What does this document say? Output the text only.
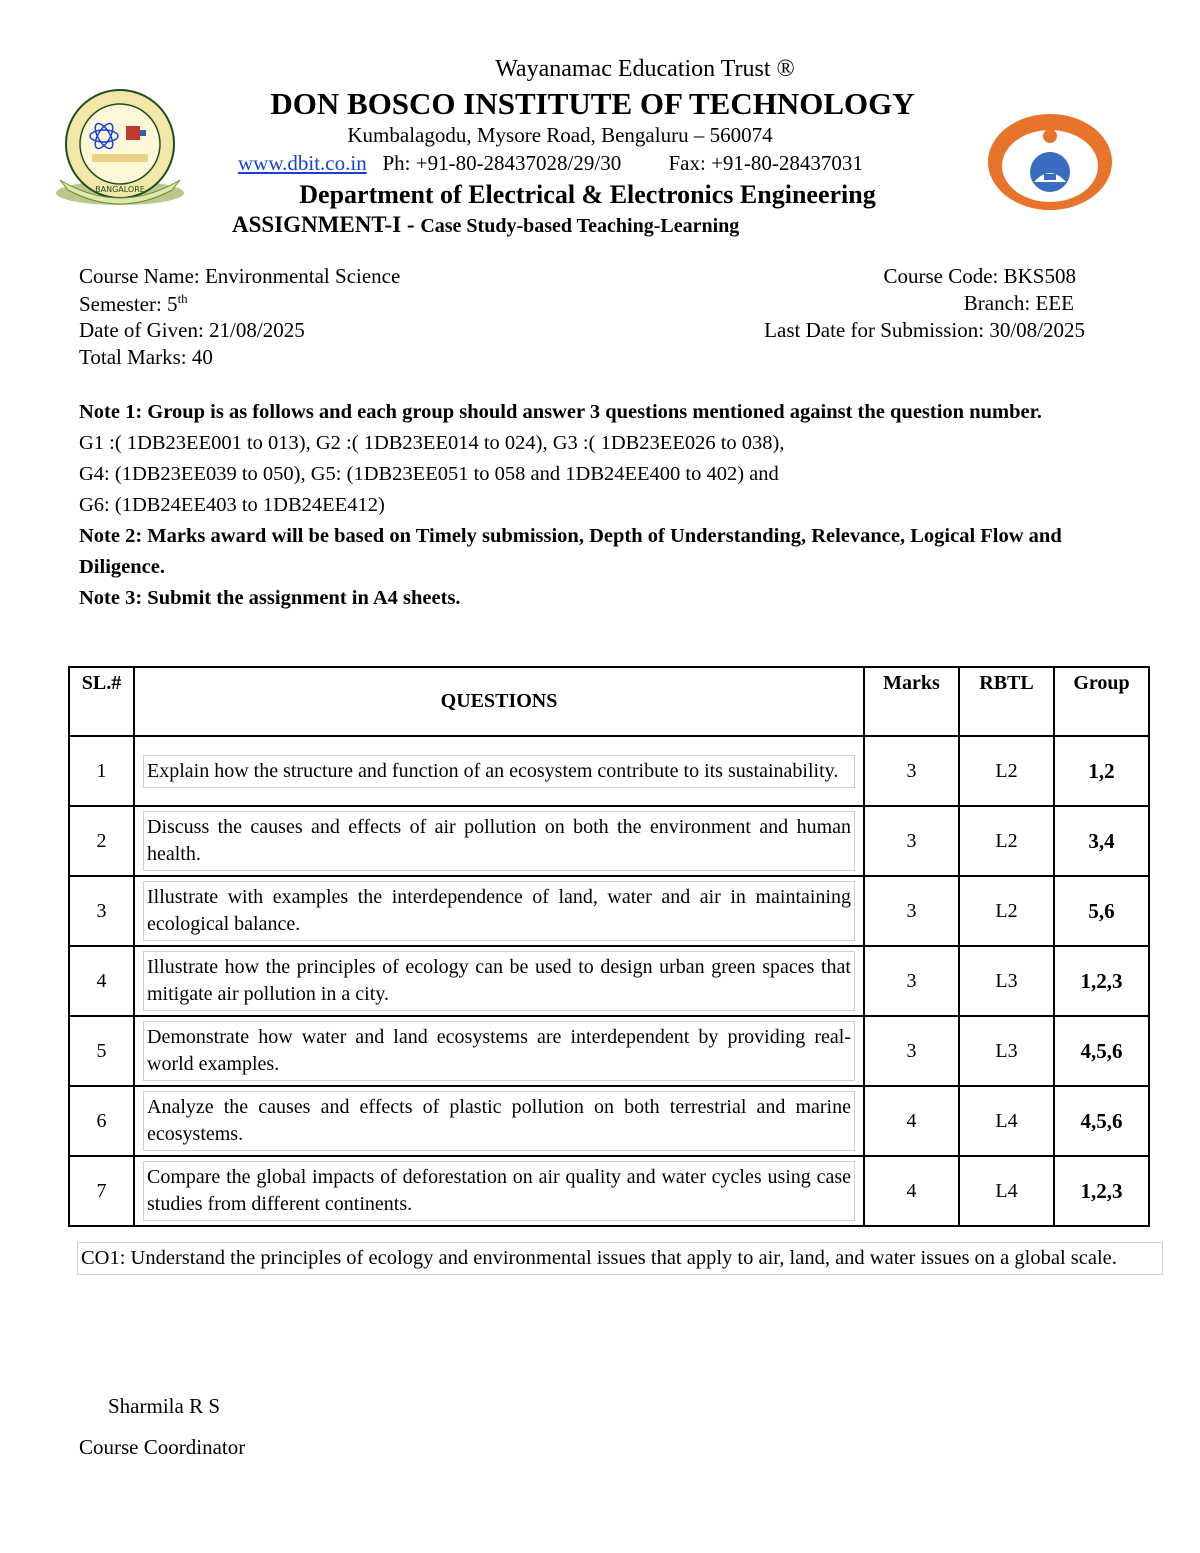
BANGALORE
Wayanamac Education Trust ®
DON BOSCO INSTITUTE OF TECHNOLOGY
Kumbalagodu, Mysore Road, Bengaluru – 560074
www.dbit.co.in Ph: +91-80-28437028/29/30 Fax: +91-80-28437031
Department of Electrical & Electronics Engineering
ASSIGNMENT-I - Case Study-based Teaching-Learning
Course Name: Environmental Science	Course Code: BKS508
Semester: 5th	Branch: EEE
Date of Given: 21/08/2025	Last Date for Submission: 30/08/2025
Total Marks: 40
Note 1: Group is as follows and each group should answer 3 questions mentioned against the question number.
G1 :( 1DB23EE001 to 013), G2 :( 1DB23EE014 to 024), G3 :( 1DB23EE026 to 038),
G4: (1DB23EE039 to 050), G5: (1DB23EE051 to 058 and 1DB24EE400 to 402) and
G6: (1DB24EE403 to 1DB24EE412)
Note 2: Marks award will be based on Timely submission, Depth of Understanding, Relevance, Logical Flow and Diligence.
Note 3: Submit the assignment in A4 sheets.
SL.#	QUESTIONS	Marks	RBTL	Group
1	Explain how the structure and function of an ecosystem contribute to its sustainability.	3	L2	1,2
2	Discuss the causes and effects of air pollution on both the environment and human health.	3	L2	3,4
3	Illustrate with examples the interdependence of land, water and air in maintaining ecological balance.	3	L2	5,6
4	Illustrate how the principles of ecology can be used to design urban green spaces that mitigate air pollution in a city.	3	L3	1,2,3
5	Demonstrate how water and land ecosystems are interdependent by providing real-world examples.	3	L3	4,5,6
6	Analyze the causes and effects of plastic pollution on both terrestrial and marine ecosystems.	4	L4	4,5,6
7	Compare the global impacts of deforestation on air quality and water cycles using case studies from different continents.	4	L4	1,2,3
CO1: Understand the principles of ecology and environmental issues that apply to air, land, and water issues on a global scale.
Sharmila R S
Course Coordinator
